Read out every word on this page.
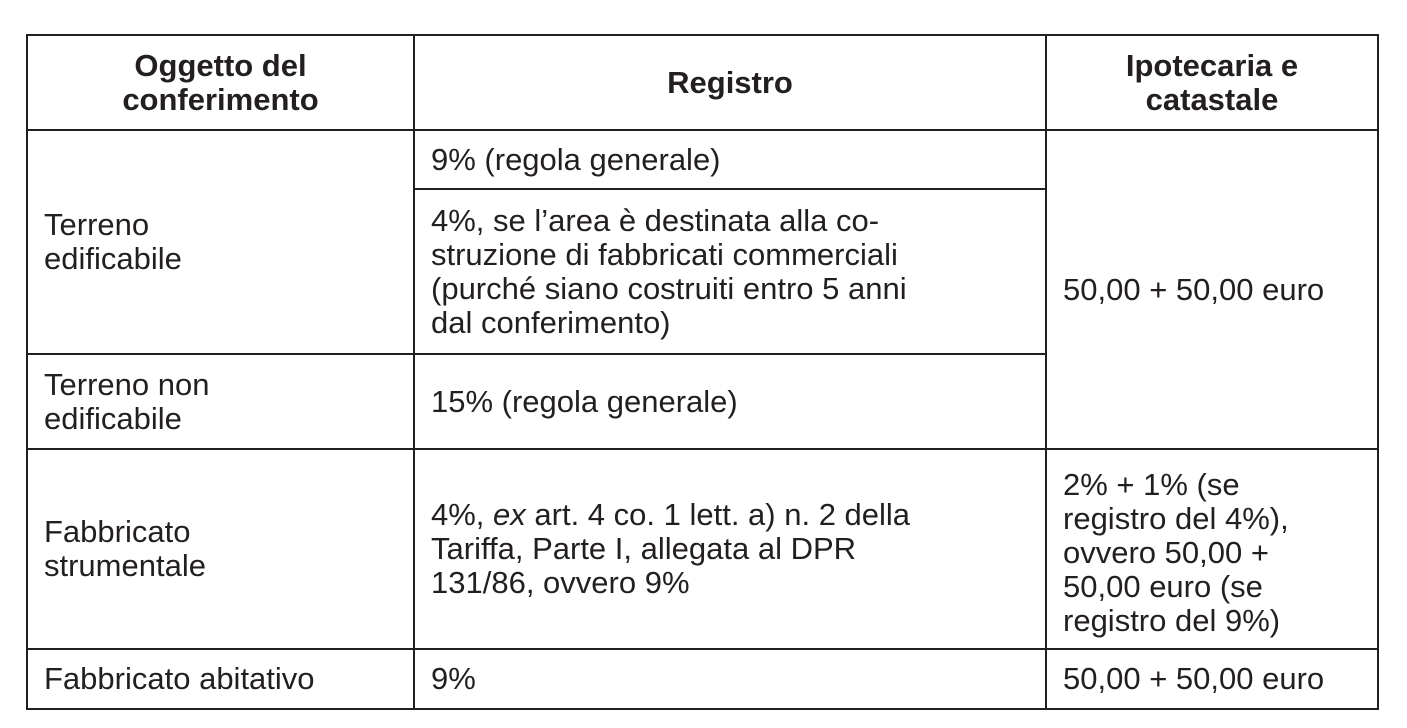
Oggetto del conferimento	Registro	Ipotecaria e catastale

Terreno
edificabile	9% (regola generale)	50,00 + 50,00 euro

	4%, se l’area è destinata alla co-
struzione di fabbricati commerciali
(purché siano costruiti entro 5 anni
dal conferimento)	

Terreno non
edificabile	15% (regola generale)	

Fabbricato
strumentale	4%, ex art. 4 co. 1 lett. a) n. 2 della
Tariffa, Parte I, allegata al DPR
131/86, ovvero 9%	2% + 1% (se
registro del 4%),
ovvero 50,00 +
50,00 euro (se
registro del 9%)

Fabbricato abitativo	9%	50,00 + 50,00 euro
